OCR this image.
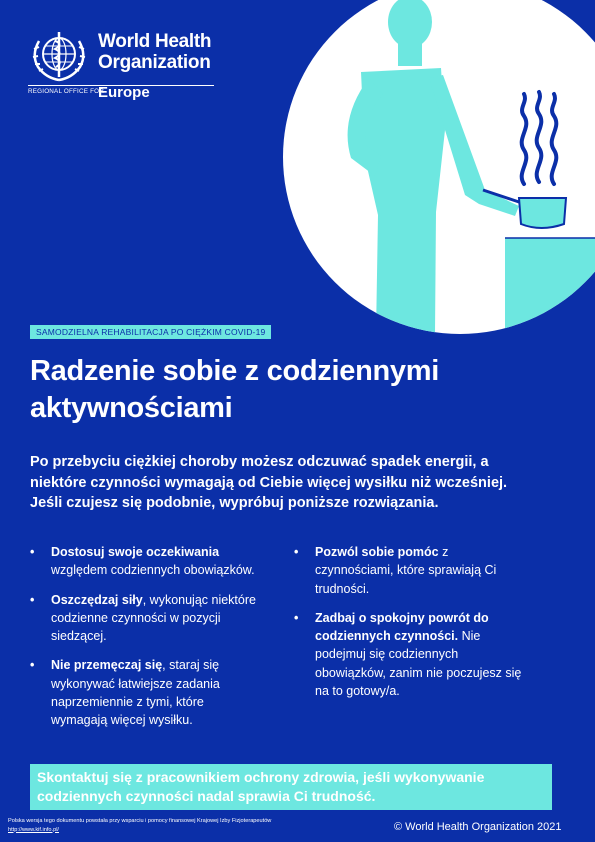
World Health
Organization
REGIONAL OFFICE FOR
Europe
SAMODZIELNA REHABILITACJA PO CIĘŻKIM COVID-19
Radzenie sobie z codziennymi
aktywnościami

Po przebyciu ciężkiej choroby możesz odczuwać spadek energii, a niektóre czynności wymagają od Ciebie więcej wysiłku niż wcześniej. Jeśli czujesz się podobnie, wypróbuj poniższe rozwiązania.

• Dostosuj swoje oczekiwania względem codziennych obowiązków.
• Oszczędzaj siły, wykonując niektóre codzienne czynności w pozycji siedzącej.
• Nie przemęczaj się, staraj się wykonywać łatwiejsze zadania naprzemiennie z tymi, które wymagają więcej wysiłku.
• Pozwól sobie pomóc z czynnościami, które sprawiają Ci trudności.
• Zadbaj o spokojny powrót do codziennych czynności. Nie podejmuj się codziennych obowiązków, zanim nie poczujesz się na to gotowy/a.
Skontaktuj się z pracownikiem ochrony zdrowia, jeśli wykonywanie codziennych czynności nadal sprawia Ci trudność.
Polska wersja tego dokumentu powstała przy wsparciu i pomocy finansowej Krajowej Izby Fizjoterapeutów
http://www.kif.info.pl/	© World Health Organization 2021
